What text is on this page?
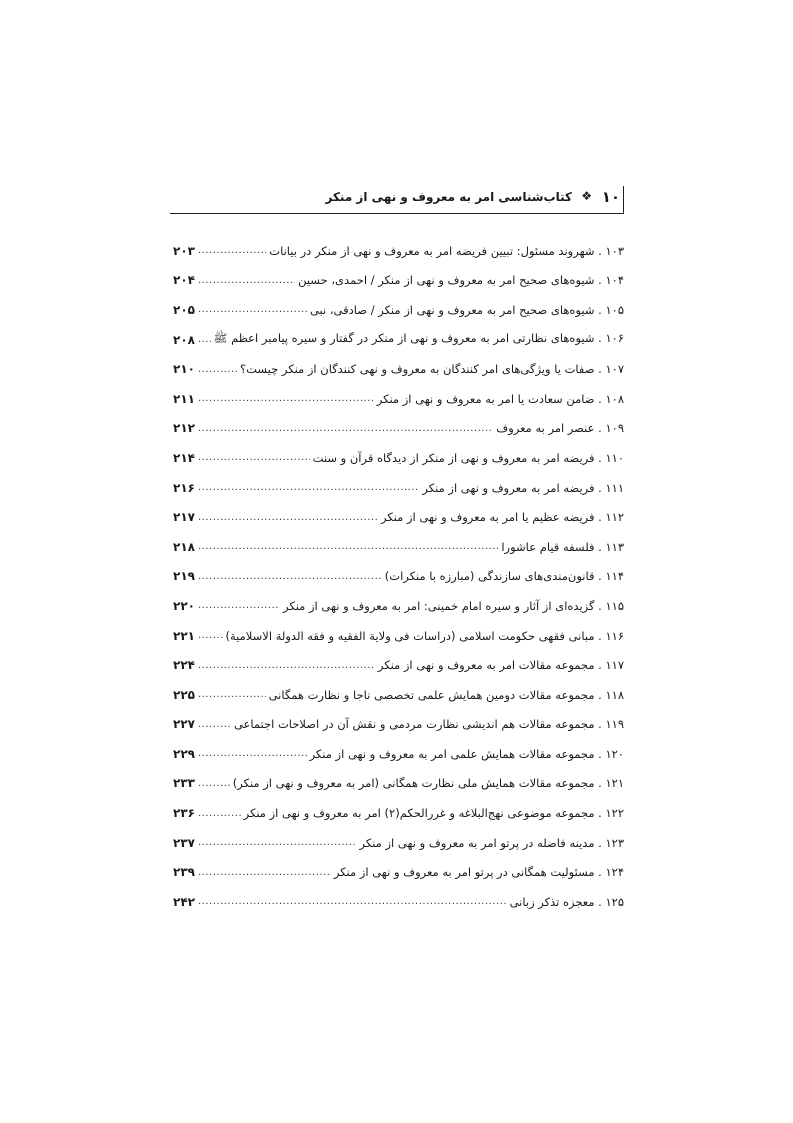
۱۰
❖
کتاب‌شناسی امر به معروف و نهی از منکر
۱۰۳ . شهروند مسئول: تبیین فریضه امر به معروف و نهی از منکر در بیانات
.....
۲۰۳
۱۰۴ . شیوه‌های صحیح امر به معروف و نهی از منکر / احمدی، حسین
.....
۲۰۴
۱۰۵ . شیوه‌های صحیح امر به معروف و نهی از منکر / صادقی، نبی
.....
۲۰۵
۱۰۶ . شیوه‌های نظارتی امر به معروف و نهی از منکر در گفتار و سیره پیامبر اعظم ﷺ
.....
۲۰۸
۱۰۷ . صفات یا ویژگی‌های امر کنندگان به معروف و نهی کنندگان از منکر چیست؟
.....
۲۱۰
۱۰۸ . ضامن سعادت یا امر به معروف و نهی از منکر
.....
۲۱۱
۱۰۹ . عنصر امر به معروف
.....
۲۱۲
۱۱۰ . فریضه امر به معروف و نهی از منکر از دیدگاه قرآن و سنت
.....
۲۱۴
۱۱۱ . فریضه امر به معروف و نهی از منکر
.....
۲۱۶
۱۱۲ . فریضه عظیم یا امر به معروف و نهی از منکر
.....
۲۱۷
۱۱۳ . فلسفه قیام عاشورا
.....
۲۱۸
۱۱۴ . قانون‌مندی‌های سازندگی (مبارزه با منکرات)
.....
۲۱۹
۱۱۵ . گزیده‌ای از آثار و سیره امام خمینی: امر به معروف و نهی از منکر
.....
۲۲۰
۱۱۶ . مبانی فقهی حکومت اسلامی (دراسات فی ولایة الفقیه و فقه الدولة الاسلامیة)
.....
۲۲۱
۱۱۷ . مجموعه مقالات امر به معروف و نهی از منکر
.....
۲۲۴
۱۱۸ . مجموعه مقالات دومین همایش علمی تخصصی ناجا و نظارت همگانی
.....
۲۲۵
۱۱۹ . مجموعه مقالات هم اندیشی نظارت مردمی و نقش آن در اصلاحات اجتماعی
.....
۲۲۷
۱۲۰ . مجموعه مقالات همایش علمی امر به معروف و نهی از منکر
.....
۲۲۹
۱۲۱ . مجموعه مقالات همایش ملی نظارت همگانی (امر به معروف و نهی از منکر)
.....
۲۳۳
۱۲۲ . مجموعه موضوعی نهج‌البلاغه و غررالحکم(۲) امر به معروف و نهی از منکر
.....
۲۳۶
۱۲۳ . مدینه فاضله در پرتو امر به معروف و نهی از منکر
.....
۲۳۷
۱۲۴ . مسئولیت همگانی در پرتو امر به معروف و نهی از منکر
.....
۲۳۹
۱۲۵ . معجزه تذکر زبانی
.....
۲۴۲
